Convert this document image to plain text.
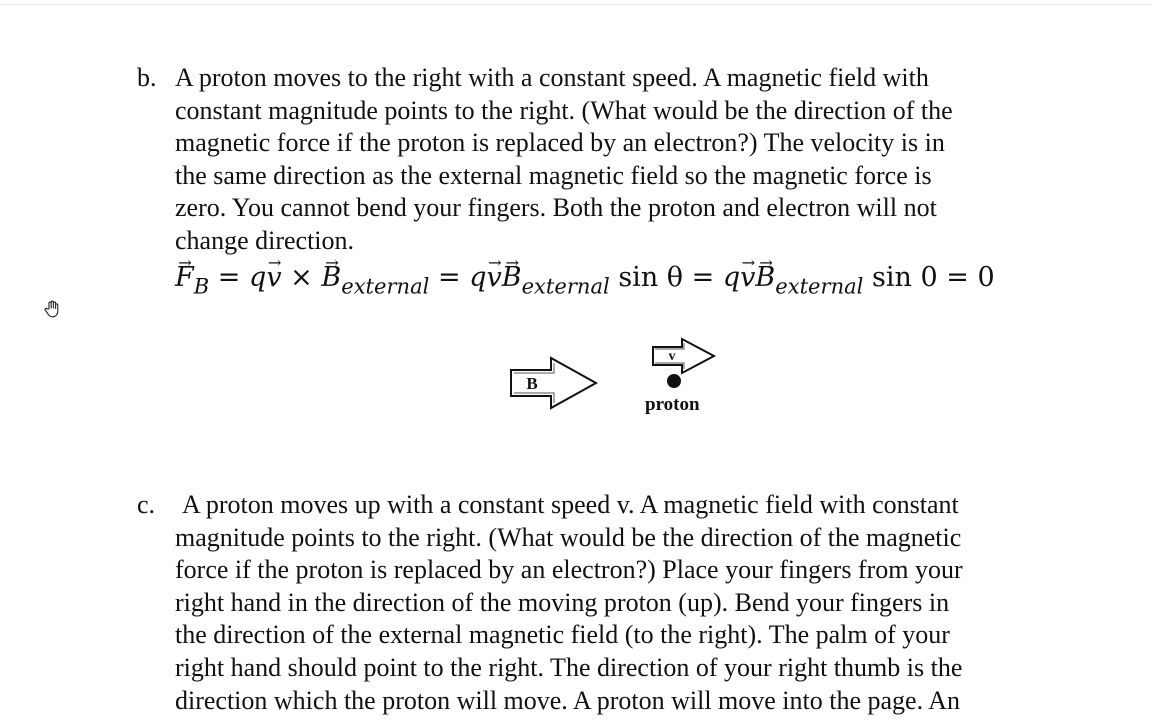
b. A proton moves to the right with a constant speed. A magnetic field with
constant magnitude points to the right. (What would be the direction of the
magnetic force if the proton is replaced by an electron?) The velocity is in
the same direction as the external magnetic field so the magnetic force is
zero. You cannot bend your fingers. Both the proton and electron will not
change direction.
$F \to_B$ = qv → × $B \to_{external}$ = qv $\to B \to_{external}$ sin θ = qv $\to B \to_{external}$ sin 0 = 0
B
v
proton
c.	A proton moves up with a constant speed v. A magnetic field with constant
magnitude points to the right. (What would be the direction of the magnetic
force if the proton is replaced by an electron?) Place your fingers from your
right hand in the direction of the moving proton (up). Bend your fingers in
the direction of the external magnetic field (to the right). The palm of your
right hand should point to the right. The direction of your right thumb is the
direction which the proton will move. A proton will move into the page. An
